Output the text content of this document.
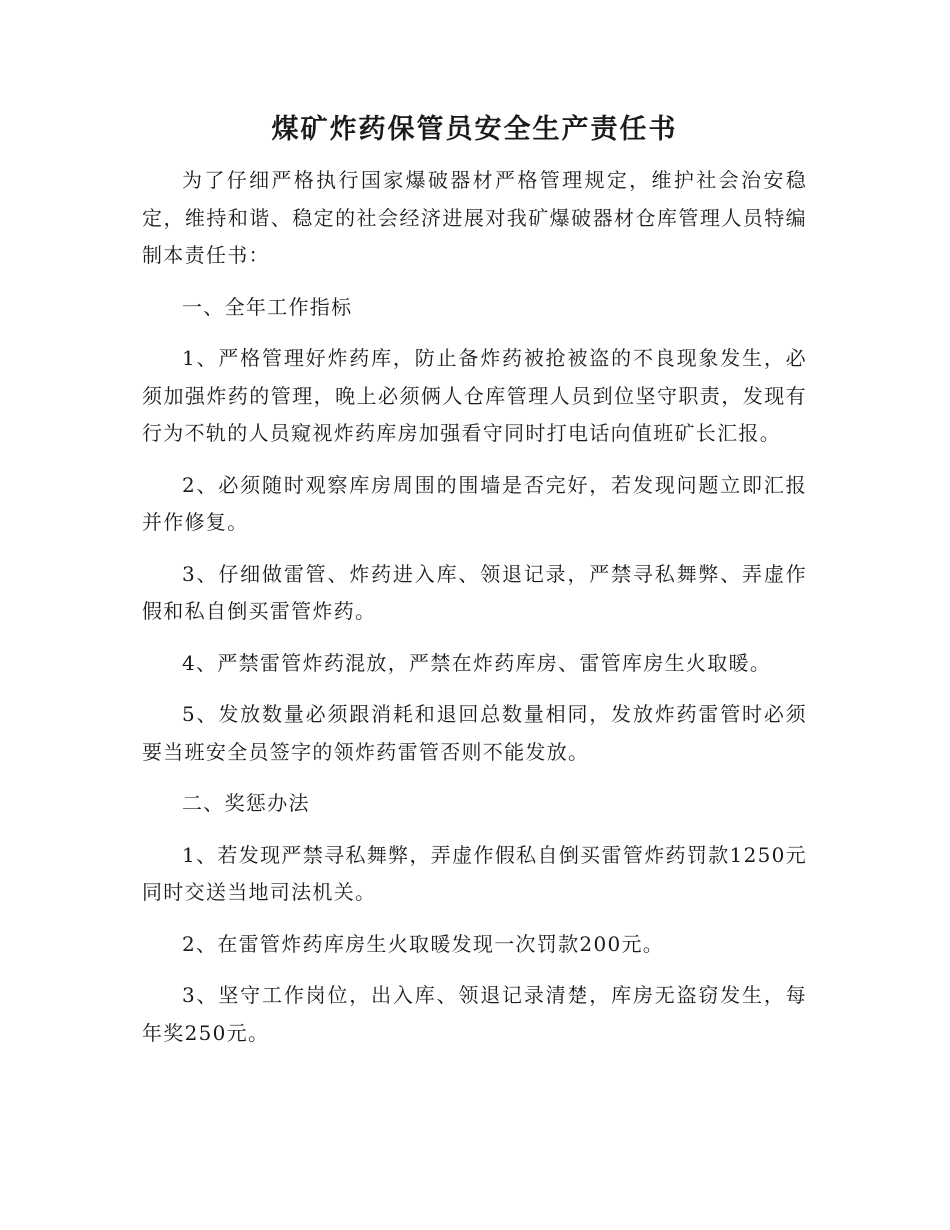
煤矿炸药保管员安全生产责任书

为了仔细严格执行国家爆破器材严格管理规定，维护社会治安稳定，维持和谐、稳定的社会经济进展对我矿爆破器材仓库管理人员特编制本责任书：

一、全年工作指标

1、严格管理好炸药库，防止备炸药被抢被盗的不良现象发生，必须加强炸药的管理，晚上必须俩人仓库管理人员到位坚守职责，发现有行为不轨的人员窥视炸药库房加强看守同时打电话向值班矿长汇报。

2、必须随时观察库房周围的围墙是否完好，若发现问题立即汇报并作修复。

3、仔细做雷管、炸药进入库、领退记录，严禁寻私舞弊、弄虚作假和私自倒买雷管炸药。

4、严禁雷管炸药混放，严禁在炸药库房、雷管库房生火取暖。

5、发放数量必须跟消耗和退回总数量相同，发放炸药雷管时必须要当班安全员签字的领炸药雷管否则不能发放。

二、奖惩办法

1、若发现严禁寻私舞弊，弄虚作假私自倒买雷管炸药罚款1250元同时交送当地司法机关。

2、在雷管炸药库房生火取暖发现一次罚款200元。

3、坚守工作岗位，出入库、领退记录清楚，库房无盗窃发生，每年奖250元。
